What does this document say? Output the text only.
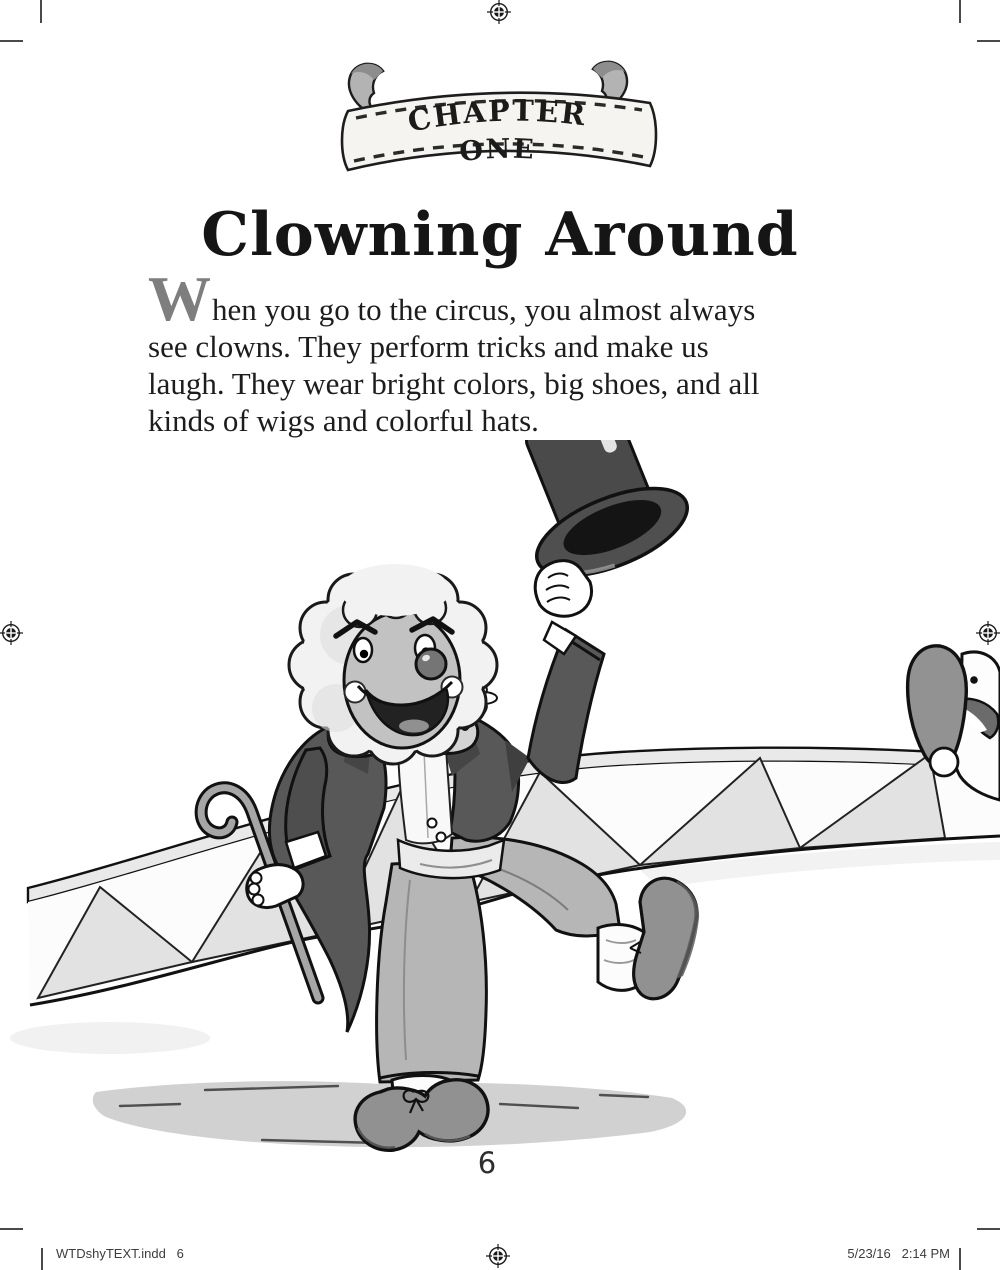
CHAPTER
ONE
Clowning Around
When you go to the circus, you almost always
see clowns. They perform tricks and make us
laugh. They wear bright colors, big shoes, and all
kinds of wigs and colorful hats.
6
WTDshyTEXT.indd   6	5/23/16   2:14 PM
